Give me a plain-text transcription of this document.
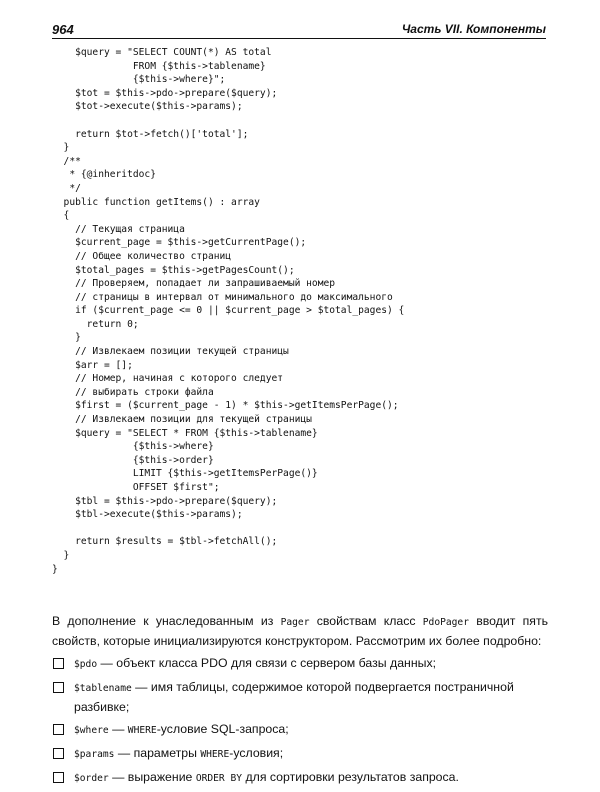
964	Часть VII. Компоненты
$query = "SELECT COUNT(*) AS total
FROM {$this->tablename}
{$this->where}";
$tot = $this->pdo->prepare($query);
$tot->execute($this->params);
return $tot->fetch()['total'];
}
/**
* {@inheritdoc}
*/
public function getItems() : array
{
// Текущая страница
$current_page = $this->getCurrentPage();
// Общее количество страниц
$total_pages = $this->getPagesCount();
// Проверяем, попадает ли запрашиваемый номер
// страницы в интервал от минимального до максимального
if ($current_page <= 0 || $current_page > $total_pages) {
return 0;
}
// Извлекаем позиции текущей страницы
$arr = [];
// Номер, начиная с которого следует
// выбирать строки файла
$first = ($current_page - 1) * $this->getItemsPerPage();
// Извлекаем позиции для текущей страницы
$query = "SELECT * FROM {$this->tablename}
{$this->where}
{$this->order}
LIMIT {$this->getItemsPerPage()}
OFFSET $first";
$tbl = $this->pdo->prepare($query);
$tbl->execute($this->params);
return $results = $tbl->fetchAll();
}
}

В дополнение к унаследованным из Pager свойствам класс PdoPager вводит пять свойств, которые инициализируются конструктором. Рассмотрим их более подробно:

$pdo — объект класса PDO для связи с сервером базы данных;
$tablename — имя таблицы, содержимое которой подвергается постраничной разбивке;
$where — WHERE-условие SQL-запроса;
$params — параметры WHERE-условия;
$order — выражение ORDER BY для сортировки результатов запроса.
